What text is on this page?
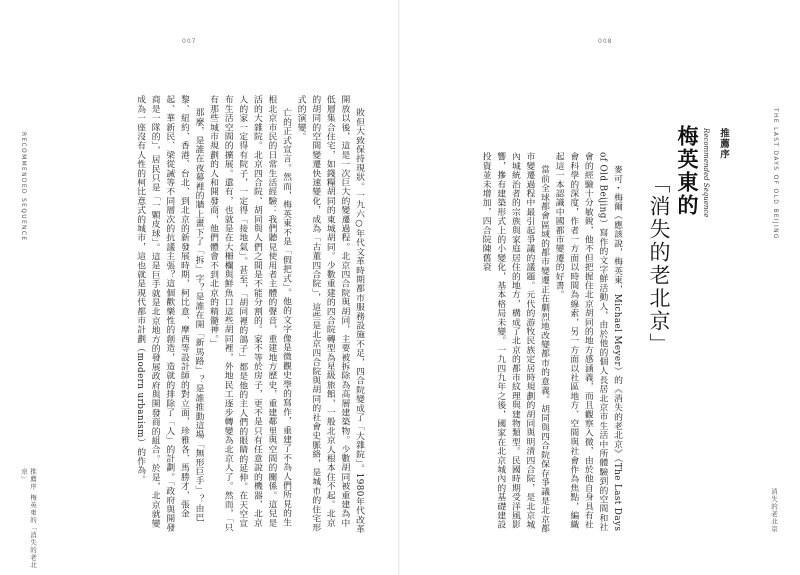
007
RECOMMENDED SEQUENCE	敗但大致保持現狀。一九六○年代文革時期都市服務設施不足，四合院變成了「大雜院」。1980年代改革開放以後，這是一次巨大的變遷過程。北京四合院與胡同，主要被拆除為高層建築物。少數胡同被重建為中低層集合住宅，如錢糧胡同的東城胡同。少數重建的四合院轉型為星級旅館，一般北京人根本住不起。北京的胡同的空間變遷快速變化，成為「古董四合院」，這些是北京四合院與胡同的社會史脈絡，是城市的住宅形式的演變。

亡的正式宣言。然而，梅英東不是「假把式」。他的文字像是微觀史學的寫作，重建了不為人們所見的生根北京市民的日常生活經驗：我們聽見使用者主體的聲音，重建地方歷史，重建鄰里與空間的關係。這兒是活的大雜院。北京四合院、胡同與人們之間是不能分割的。家不等於房子，更不是只有任意說的機器，北京人的家一定得有院子，一定得「接地氣」。甚至，「胡同裡的鴿子」都是他的主人們的眼睛的延伸。在天空宣布生活空間的擴展。還有，也就是在大柵欄與鮮魚口這些胡同裡，外地民工逐步轉變為北京人了。然而，「只有那些城市規劃的人和開發商，他們體會不到北京的精髓神。」

那麼，是誰在夜幕裡的牆上畫下了「拆」字？是誰在開「新馬路」？是誰推動這場「無形巨手」？由巴黎、紐約、香港、台北、到北京的新發展時期，柯比意、摩西等設計師的對立面，珍雅各、馬勝才，張金起、華新民、梁從誡等不同層次的抗議主張？這個歡樂性的創造，造就的排除了「人」的計劃。「政府與開發商是一隊的」，居民只是「一顆皮球」。這是巨手就是北京地方的發展政府與開發商的組合。於是，北京就變成為一座沒有人性的柯比意式的城市，這也就是現代都市計劃（modern urbanism）的作為。

推薦序 梅英東的「消失的老北京」
008
THE LAST DAYS OF OLD BEIJING
推薦序
Recommended Sequence
梅英東的
「消失的老北京」

麥可・梅爾（應該說，梅英東，Michael Meyer）的《消失的老北京》（The Last Days of Old Beijing）寫作的文字鮮活動人，由於他的個人長居北京市生活中所體驗到的空間和社會的經驗十分敏銳，他不但把握住北京胡同的地方感涵義，而且觀察入微，由於他自身具有社會科學的深度，作者一方面以時間為線索，另一方面以社區地方、空間與社會作為焦點，編織起這一本認識中國都市變遷的好書。

當前全球都會區域的都市變遷正在劇烈地改變都市的意義。胡同與四合院保存爭議是北京都市變遷過程中最引起爭議的議題。元代的游牧民族定居時規劃的胡同與明清四合院，是北京城內城統治者的宗族與家庭居住的地方，構成了北京的都市紋理與建物類型。民國時期受洋風影響，摻有建築形式上的小變化，基本格局未變。一九四九年之後，國家在北京城內的基礎建設投資並未增加，四合院陳舊衰

消失的老北京
